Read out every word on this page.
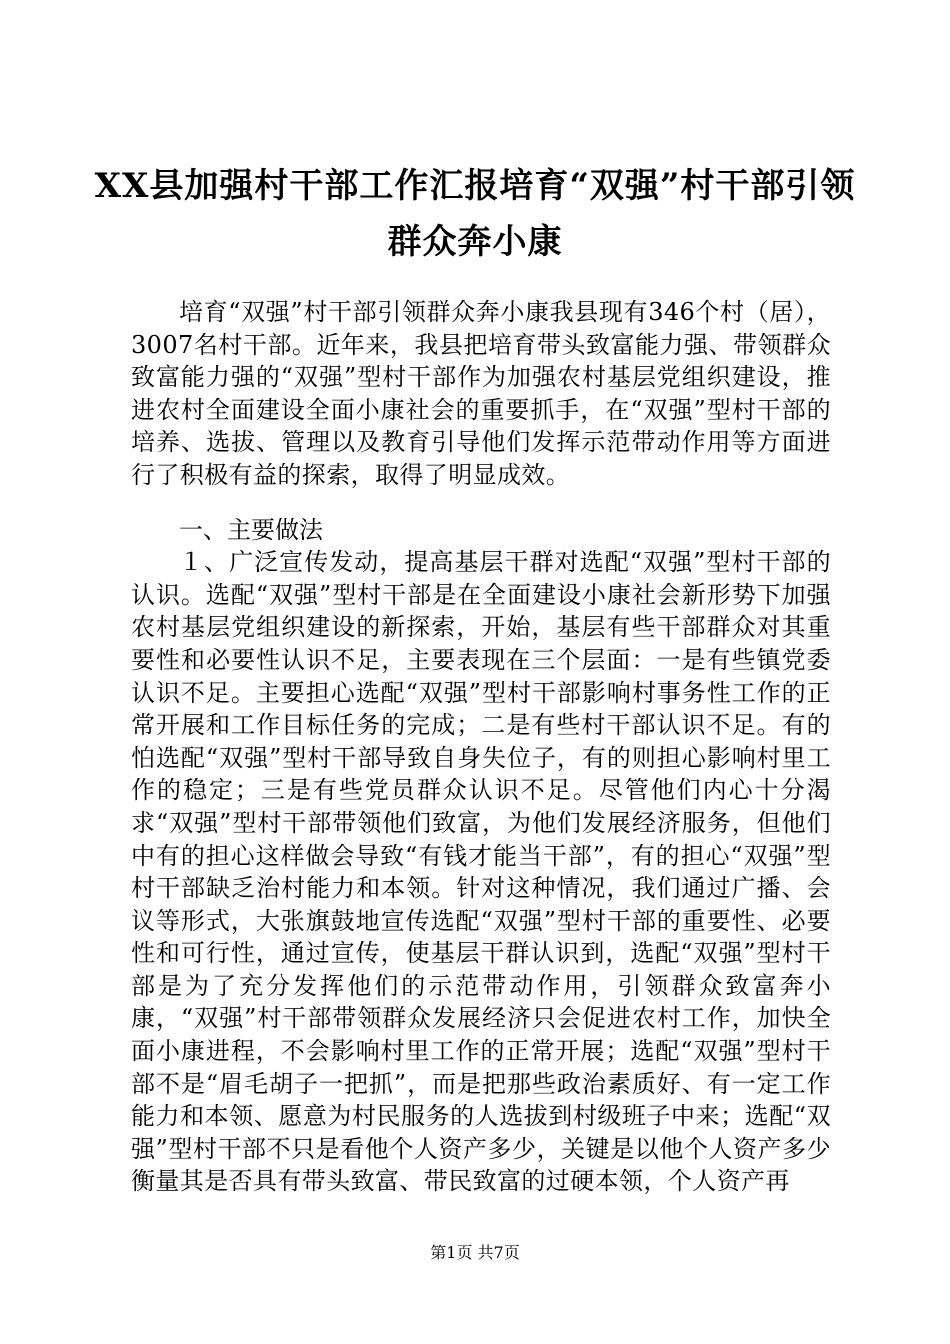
XX县加强村干部工作汇报培育“双强”村干部引领群众奔小康

培育“双强”村干部引领群众奔小康我县现有346个村（居），3007名村干部。近年来，我县把培育带头致富能力强、带领群众致富能力强的“双强”型村干部作为加强农村基层党组织建设，推进农村全面建设全面小康社会的重要抓手，在“双强”型村干部的培养、选拔、管理以及教育引导他们发挥示范带动作用等方面进行了积极有益的探索，取得了明显成效。

一、主要做法

１、广泛宣传发动，提高基层干群对选配“双强”型村干部的认识。选配“双强”型村干部是在全面建设小康社会新形势下加强农村基层党组织建设的新探索，开始，基层有些干部群众对其重要性和必要性认识不足，主要表现在三个层面：一是有些镇党委认识不足。主要担心选配“双强”型村干部影响村事务性工作的正常开展和工作目标任务的完成；二是有些村干部认识不足。有的怕选配“双强”型村干部导致自身失位子，有的则担心影响村里工作的稳定；三是有些党员群众认识不足。尽管他们内心十分渴求“双强”型村干部带领他们致富，为他们发展经济服务，但他们中有的担心这样做会导致“有钱才能当干部”，有的担心“双强”型村干部缺乏治村能力和本领。针对这种情况，我们通过广播、会议等形式，大张旗鼓地宣传选配“双强”型村干部的重要性、必要性和可行性，通过宣传，使基层干群认识到，选配“双强”型村干部是为了充分发挥他们的示范带动作用，引领群众致富奔小康，“双强”村干部带领群众发展经济只会促进农村工作，加快全面小康进程，不会影响村里工作的正常开展；选配“双强”型村干部不是“眉毛胡子一把抓”，而是把那些政治素质好、有一定工作能力和本领、愿意为村民服务的人选拔到村级班子中来；选配“双强”型村干部不只是看他个人资产多少，关键是以他个人资产多少衡量其是否具有带头致富、带民致富的过硬本领，个人资产再

第1页 共7页
